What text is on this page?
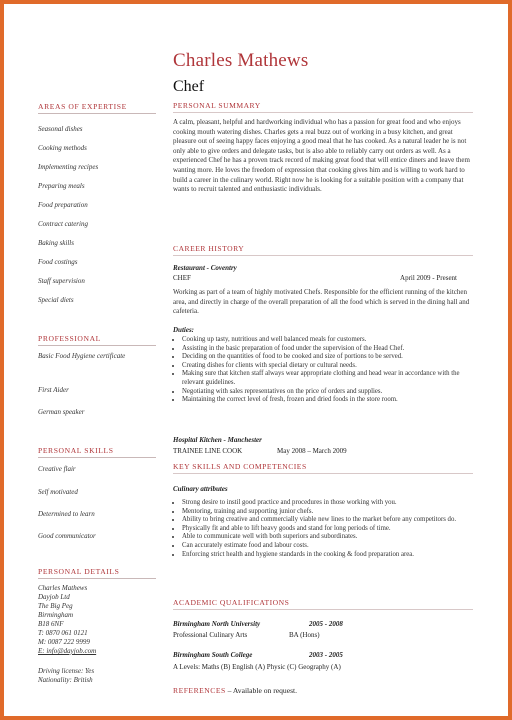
Charles Mathews
Chef
AREAS OF EXPERTISE
Seasonal dishes
Cooking methods
Implementing recipes
Preparing meals
Food preparation
Contract catering
Baking skills
Food costings
Staff supervision
Special diets
PROFESSIONAL
Basic Food Hygiene certificate
First Aider
German speaker
PERSONAL SKILLS
Creative flair
Self motivated
Determined to learn
Good communicator
PERSONAL DETAILS
Charles Mathews
Dayjob Ltd
The Big Peg
Birmingham
B18 6NF
T: 0870 061 0121
M: 0087 222 9999
E: info@dayjob.com
Driving license: Yes
Nationality: British
PERSONAL SUMMARY
A calm, pleasant, helpful and hardworking individual who has a passion for great food and who enjoys cooking mouth watering dishes. Charles gets a real buzz out of working in a busy kitchen, and great pleasure out of seeing happy faces enjoying a good meal that he has cooked. As a natural leader he is not only able to give orders and delegate tasks, but is also able to reliably carry out orders as well. As a experienced Chef he has a proven track record of making great food that will entice diners and leave them wanting more. He loves the freedom of expression that cooking gives him and is willing to work hard to build a career in the culinary world. Right now he is looking for a suitable position with a company that wants to recruit talented and enthusiastic individuals.
CAREER HISTORY
Restaurant - Coventry
CHEF	April 2009 - Present
Working as part of a team of highly motivated Chefs. Responsible for the efficient running of the kitchen area, and directly in charge of the overall preparation of all the food which is served in the dining hall and cafeteria.
Duties:
• Cooking up tasty, nutritious and well balanced meals for customers.
• Assisting in the basic preparation of food under the supervision of the Head Chef.
• Deciding on the quantities of food to be cooked and size of portions to be served.
• Creating dishes for clients with special dietary or cultural needs.
• Making sure that kitchen staff always wear appropriate clothing and head wear in accordance with the relevant guidelines.
• Negotiating with sales representatives on the price of orders and supplies.
• Maintaining the correct level of fresh, frozen and dried foods in the store room.
Hospital Kitchen - Manchester
TRAINEE LINE COOK	May 2008 – March 2009
KEY SKILLS AND COMPETENCIES
Culinary attributes
• Strong desire to instil good practice and procedures in those working with you.
• Mentoring, training and supporting junior chefs.
• Ability to bring creative and commercially viable new lines to the market before any competitors do.
• Physically fit and able to lift heavy goods and stand for long periods of time.
• Able to communicate well with both superiors and subordinates.
• Can accurately estimate food and labour costs.
• Enforcing strict health and hygiene standards in the cooking & food preparation area.
ACADEMIC QUALIFICATIONS
Birmingham North University	2005 - 2008
Professional Culinary Arts	BA (Hons)
Birmingham South College	2003 - 2005
A Levels: Maths (B) English (A) Physic (C) Geography (A)
REFERENCES – Available on request.
